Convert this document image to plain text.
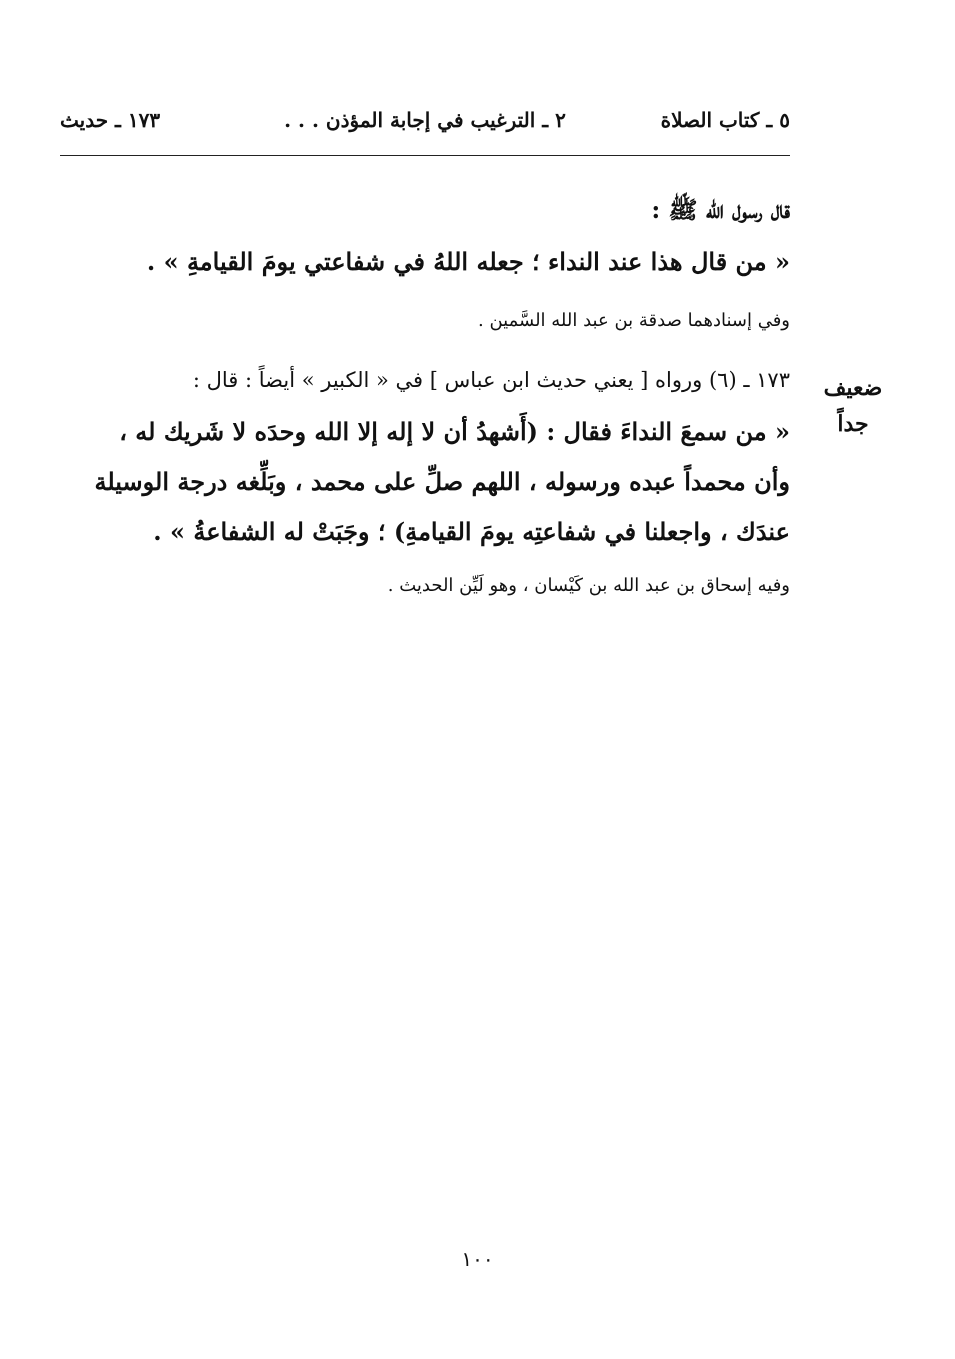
٥ ـ كتاب الصلاة
٢ ـ الترغيب في إجابة المؤذن . . .
١٧٣ ـ حديث
ضعيف
جداً
قال رسول الله ﷺ :
« من قال هذا عند النداء ؛ جعله اللهُ في شفاعتي يومَ القيامةِ » .
وفي إسنادهما صدقة بن عبد الله السَّمين .
١٧٣ ـ (٦) ورواه [ يعني حديث ابن عباس ] في « الكبير » أيضاً : قال :
« من سمعَ النداءَ فقال : (أَشهدُ أن لا إله إلا الله وحدَه لا شَريك له ،
وأن محمداً عبده ورسوله ، اللهم صلِّ على محمد ، وبَلِّغه درجة الوسيلة
عندَك ، واجعلنا في شفاعتِه يومَ القيامةِ) ؛ وجَبَتْ له الشفاعةُ » .
وفيه إسحاق بن عبد الله بن كَيْسان ، وهو لَيِّن الحديث .
١٠٠
